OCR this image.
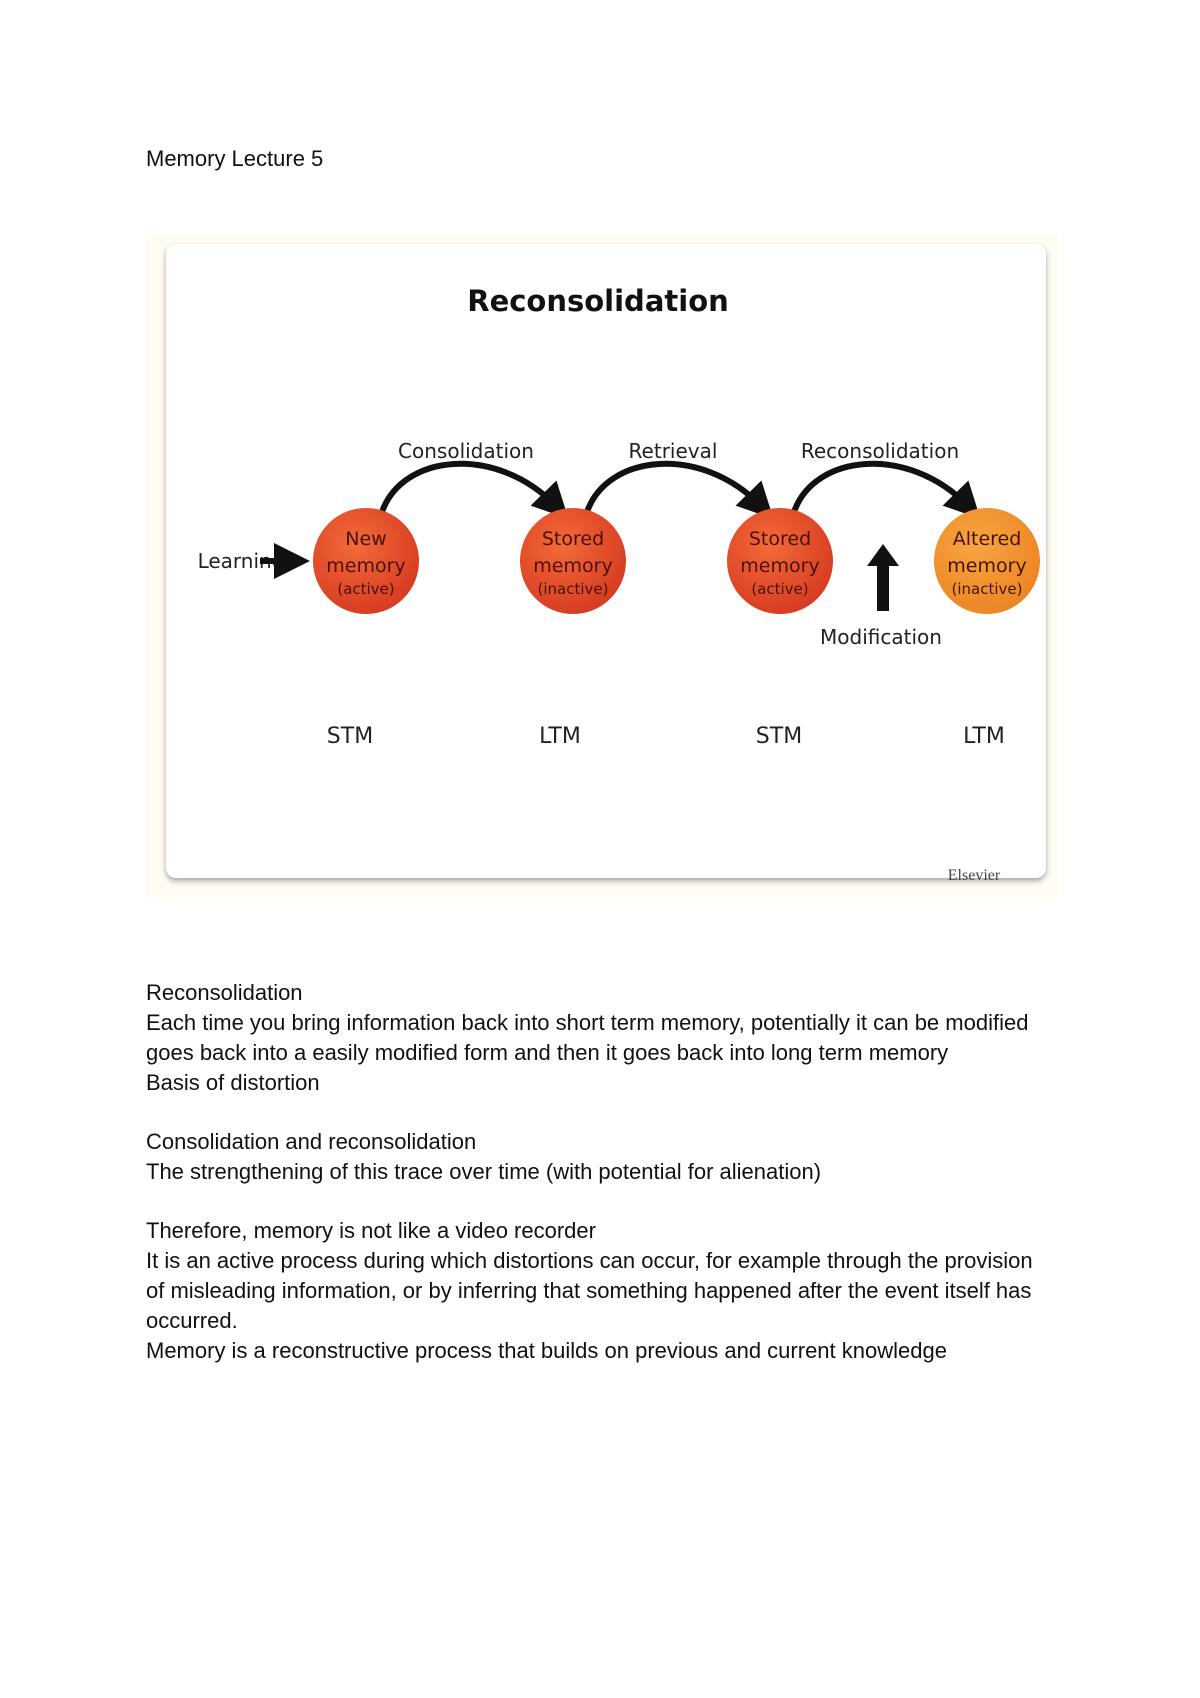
Memory Lecture 5
Reconsolidation
Consolidation	Retrieval	Reconsolidation
Learning
New
memory
(active)
Stored
memory
(inactive)
Stored
memory
(active)
Altered
memory
(inactive)
Modification
STM	LTM	STM	LTM
Elsevier

Reconsolidation

Each time you bring information back into short term memory, potentially it can be modified

goes back into a easily modified form and then it goes back into long term memory

Basis of distortion

Consolidation and reconsolidation

The strengthening of this trace over time (with potential for alienation)

Therefore, memory is not like a video recorder

It is an active process during which distortions can occur, for example through the provision

of misleading information, or by inferring that something happened after the event itself has

occurred.

Memory is a reconstructive process that builds on previous and current knowledge
